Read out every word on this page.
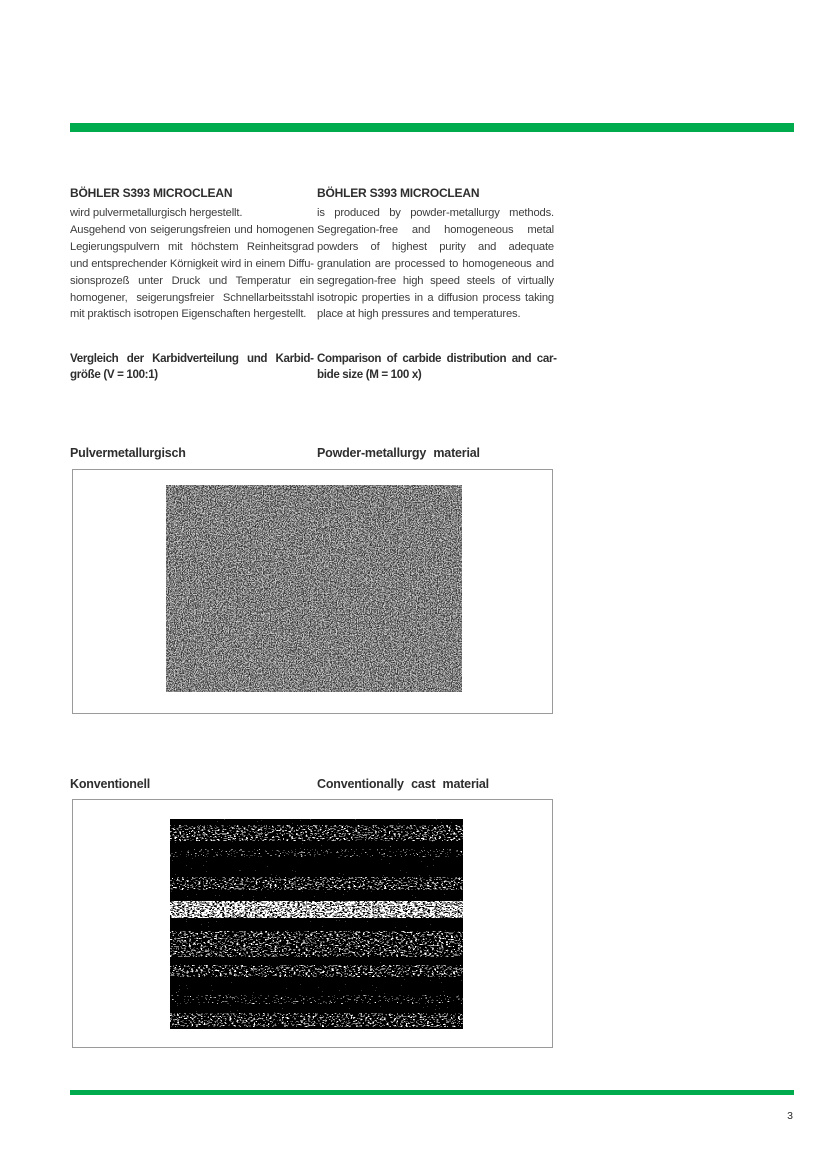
BÖHLER S393 MICROCLEAN

wird pulvermetallurgisch hergestellt.

Ausgehend von seigerungsfreien und homogenen Legierungspulvern mit höchstem Reinheitsgrad und entsprechender Körnigkeit wird in einem Diffusionsprozeß unter Druck und Temperatur ein homogener, seigerungsfreier Schnellarbeitsstahl mit praktisch isotropen Eigenschaften hergestellt.

BÖHLER S393 MICROCLEAN

is produced by powder-metallurgy methods. Segregation-free and homogeneous metal powders of highest purity and adequate granulation are processed to homogeneous and segregation-free high speed steels of virtually isotropic properties in a diffusion process taking place at high pressures and temperatures.

Vergleich der Karbidverteilung und Karbidgröße (V = 100:1)
Comparison of carbide distribution and carbide size (M = 100 x)
Pulvermetallurgisch	Powder-metallurgy material
Konventionell	Conventionally cast material
3
